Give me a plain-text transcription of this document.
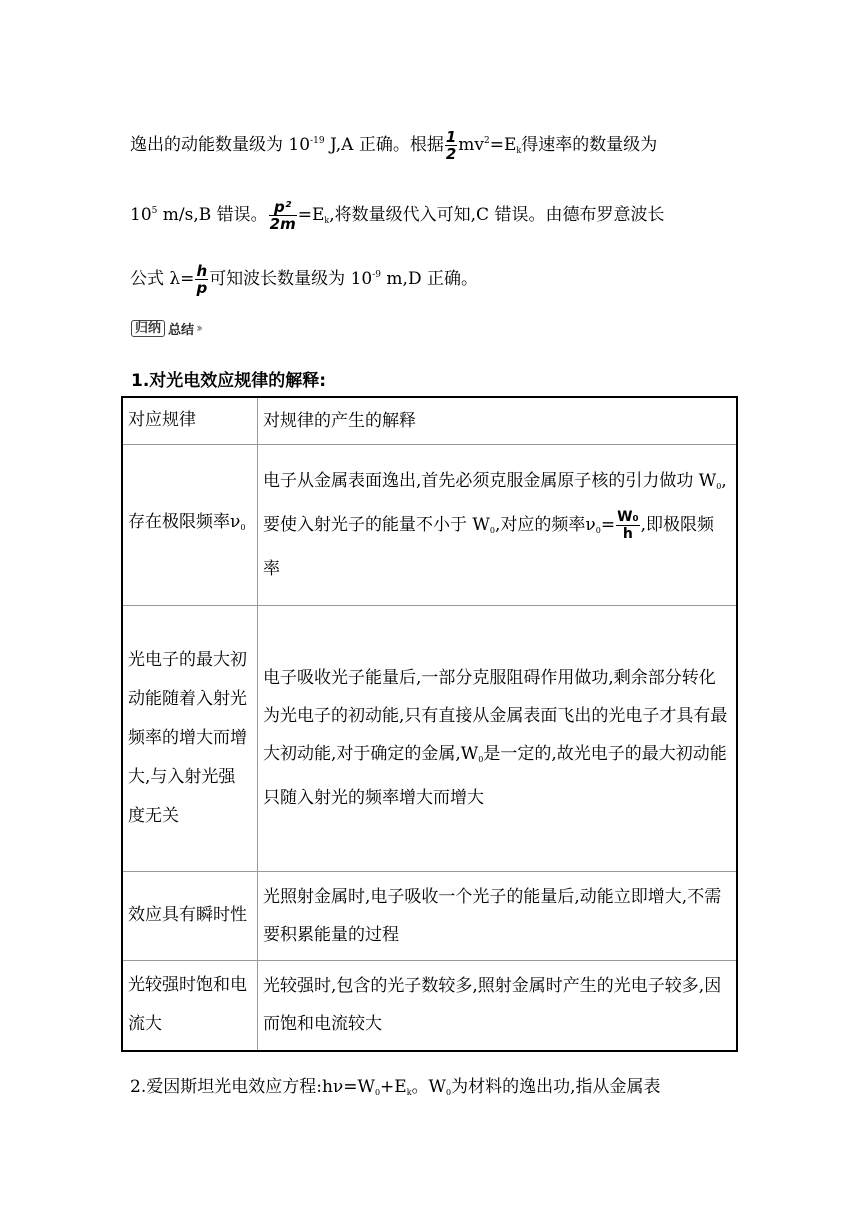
逸出的动能数量级为 $10^{-19}$ J,A 正确。根据 $\frac{1}{2} mv^2=E_k$得速率的数量级为
$10^5$ m/s,B 错误。 $\frac{\text{p²}}{2m} =E_k$,将数量级代入可知,C 错误。由德布罗意波长
公式 $\lambda= \frac{h}{p}$ 可知波长数量级为 $10^{-9}$ m,D 正确。
归纳 总结 ››
1.对光电效应规律的解释:
对应规律	对规律的产生的解释
存在极限频率$\nu_0$	电子从金属表面逸出,首先必须克服金属原子核的引力做功 $W_0$,要使入射光子的能量不小于 $W_0$,对应的频率$\nu_0= \frac{\text{W₀}}{h}$ ,即极限频率
光电子的最大初动能随着入射光频率的增大而增大,与入射光强度无关	电子吸收光子能量后,一部分克服阻碍作用做功,剩余部分转化为光电子的初动能,只有直接从金属表面飞出的光电子才具有最大初动能,对于确定的金属$,W_0$是一定的,故光电子的最大初动能只随入射光的频率增大而增大
效应具有瞬时性	光照射金属时,电子吸收一个光子的能量后,动能立即增大,不需要积累能量的过程
光较强时饱和电流大	光较强时,包含的光子数较多,照射金属时产生的光电子较多,因而饱和电流较大
2.爱因斯坦光电效应方程$:h\nu=W_0+E_k$。$W_0$为材料的逸出功,指从金属表
